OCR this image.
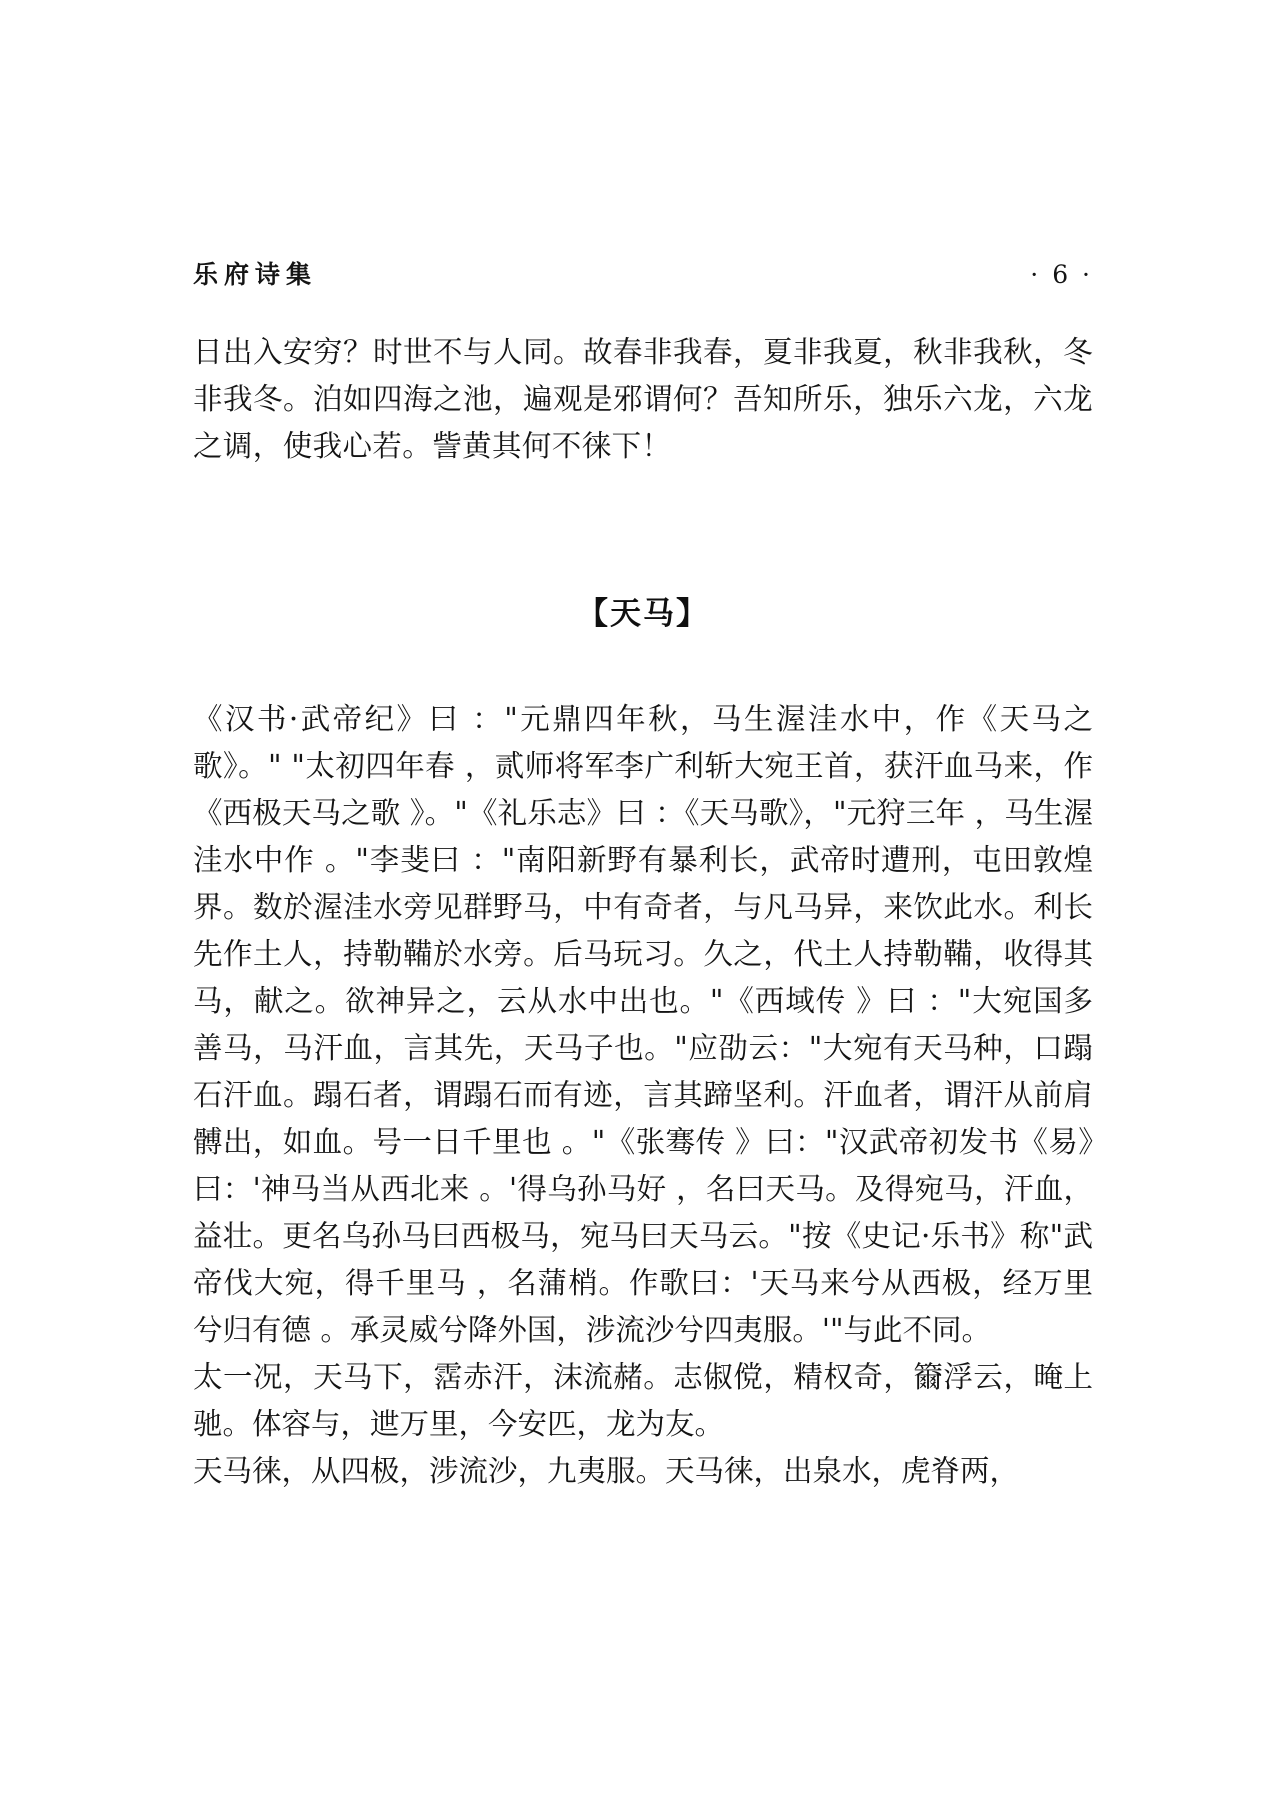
乐府诗集	· 6 ·
日出入安穷？时世不与人同。故春非我春，夏非我夏，秋非我秋，冬非我冬。泊如四海之池，遍观是邪谓何？吾知所乐，独乐六龙，六龙之调，使我心若。訾黄其何不徕下！
【天马】
《汉书·武帝纪》曰 ："元鼎四年秋，马生渥洼水中，作《天马之歌》。" "太初四年春 ，贰师将军李广利斩大宛王首，获汗血马来，作《西极天马之歌 》。"《礼乐志》曰 ：《天马歌》，"元狩三年 ，马生渥洼水中作 。"李斐曰 ："南阳新野有暴利长，武帝时遭刑，屯田敦煌界。数於渥洼水旁见群野马，中有奇者，与凡马异，来饮此水。利长先作土人，持勒鞴於水旁。后马玩习。久之，代土人持勒鞴，收得其马，献之。欲神异之，云从水中出也。"《西域传 》曰 ："大宛国多善马，马汗血，言其先，天马子也。"应劭云："大宛有天马种，口蹋石汗血。蹋石者，谓蹋石而有迹，言其蹄坚利。汗血者，谓汗从前肩髆出，如血。号一日千里也 。"《张骞传 》曰："汉武帝初发书《易》曰：'神马当从西北来 。'得乌孙马好 ，名曰天马。及得宛马，汗血，益壮。更名乌孙马曰西极马，宛马曰天马云。"按《史记·乐书》称"武帝伐大宛，得千里马 ，名蒲梢。作歌曰：'天马来兮从西极，经万里兮归有德 。承灵威兮降外国，涉流沙兮四夷服。'"与此不同。
太一况，天马下，霑赤汗，沫流赭。志俶傥，精权奇，籋浮云，晻上驰。体容与，迣万里，今安匹，龙为友。
天马徕，从四极，涉流沙，九夷服。天马徕，出泉水，虎脊两，
